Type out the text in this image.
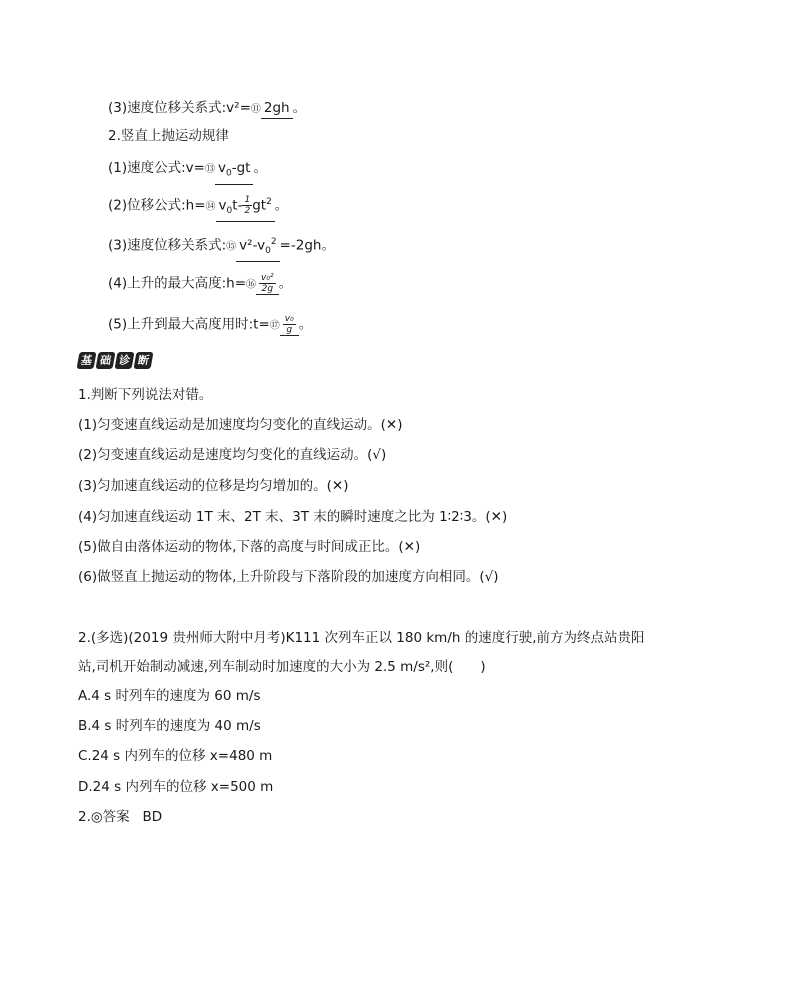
(3)速度位移关系式:v²=⑪ 2gh 。
2.竖直上抛运动规律
(1)速度公式:v=⑬ $v_0-gt$ 。
(2)位移公式:h=⑭ $v_0t- \frac{1}{2} gt^2$ 。
(3)速度位移关系式:⑮ $v^2-v_0^2 =-2gh$。
(4)上升的最大高度:h=⑯ $\frac{\text{v₀²}}{2g}$ 。
(5)上升到最大高度用时:t=⑰ $\frac{\text{v₀}}{g}$ 。
基 础 诊 断
1.判断下列说法对错。
(1)匀变速直线运动是加速度均匀变化的直线运动。(✕)
(2)匀变速直线运动是速度均匀变化的直线运动。(√)
(3)匀加速直线运动的位移是均匀增加的。(✕)
(4)匀加速直线运动 1T 末、2T 末、3T 末的瞬时速度之比为 1∶2∶3。(✕)
(5)做自由落体运动的物体,下落的高度与时间成正比。(✕)
(6)做竖直上抛运动的物体,上升阶段与下落阶段的加速度方向相同。(√)
2.(多选)(2019 贵州师大附中月考)K111 次列车正以 180 km/h 的速度行驶,前方为终点站贵阳
站,司机开始制动减速,列车制动时加速度的大小为 2.5 m/s²,则(　　)
A.4 s 时列车的速度为 60 m/s
B.4 s 时列车的速度为 40 m/s
C.24 s 内列车的位移 x=480 m
D.24 s 内列车的位移 x=500 m
2.◎答案 BD
